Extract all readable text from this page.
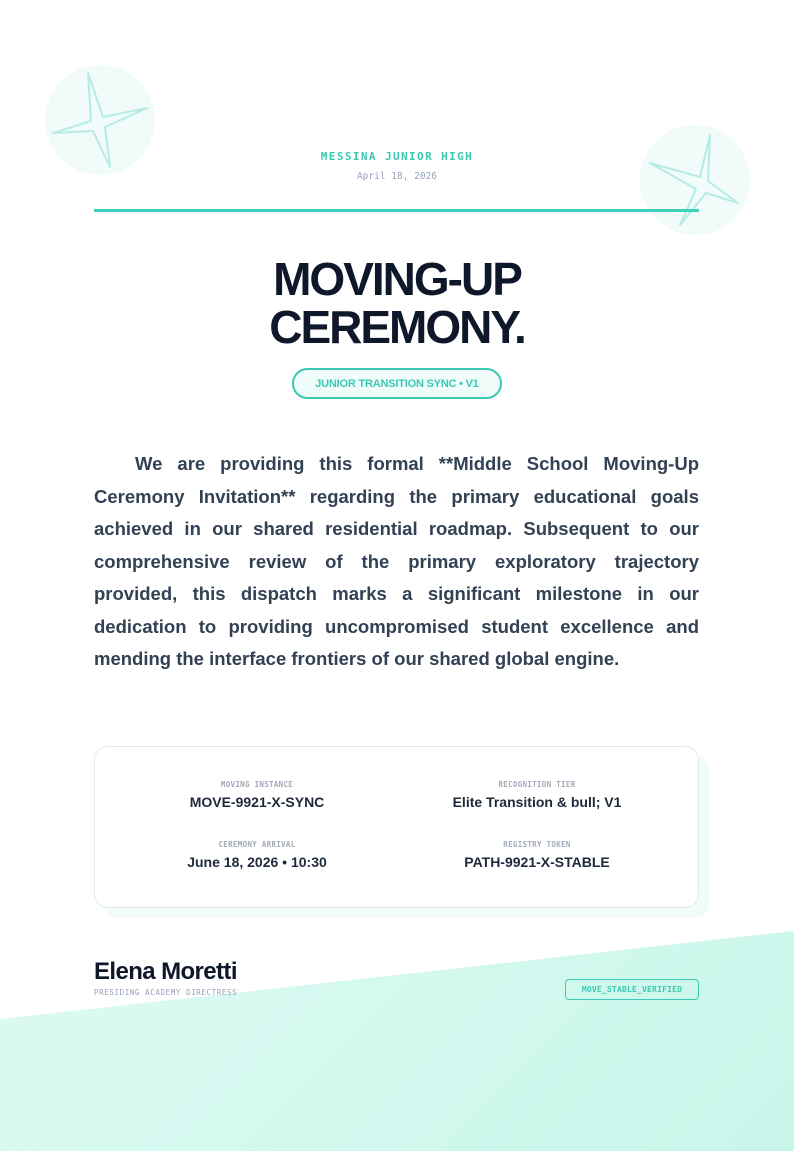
MESSINA JUNIOR HIGH
April 18, 2026
MOVING-UP
CEREMONY.
JUNIOR TRANSITION SYNC • V1

We are providing this formal **Middle School Moving-Up Ceremony Invitation** regarding the primary educational goals achieved in our shared residential roadmap. Subsequent to our comprehensive review of the primary exploratory trajectory provided, this dispatch marks a significant milestone in our dedication to providing uncompromised student excellence and mending the interface frontiers of our shared global engine.

MOVING INSTANCE
MOVE-9921-X-SYNC
RECOGNITION TIER
Elite Transition & bull; V1
CEREMONY ARRIVAL
June 18, 2026 • 10:30
REGISTRY TOKEN
PATH-9921-X-STABLE
Elena Moretti
PRESIDING ACADEMY DIRECTRESS	MOVE_STABLE_VERIFIED
